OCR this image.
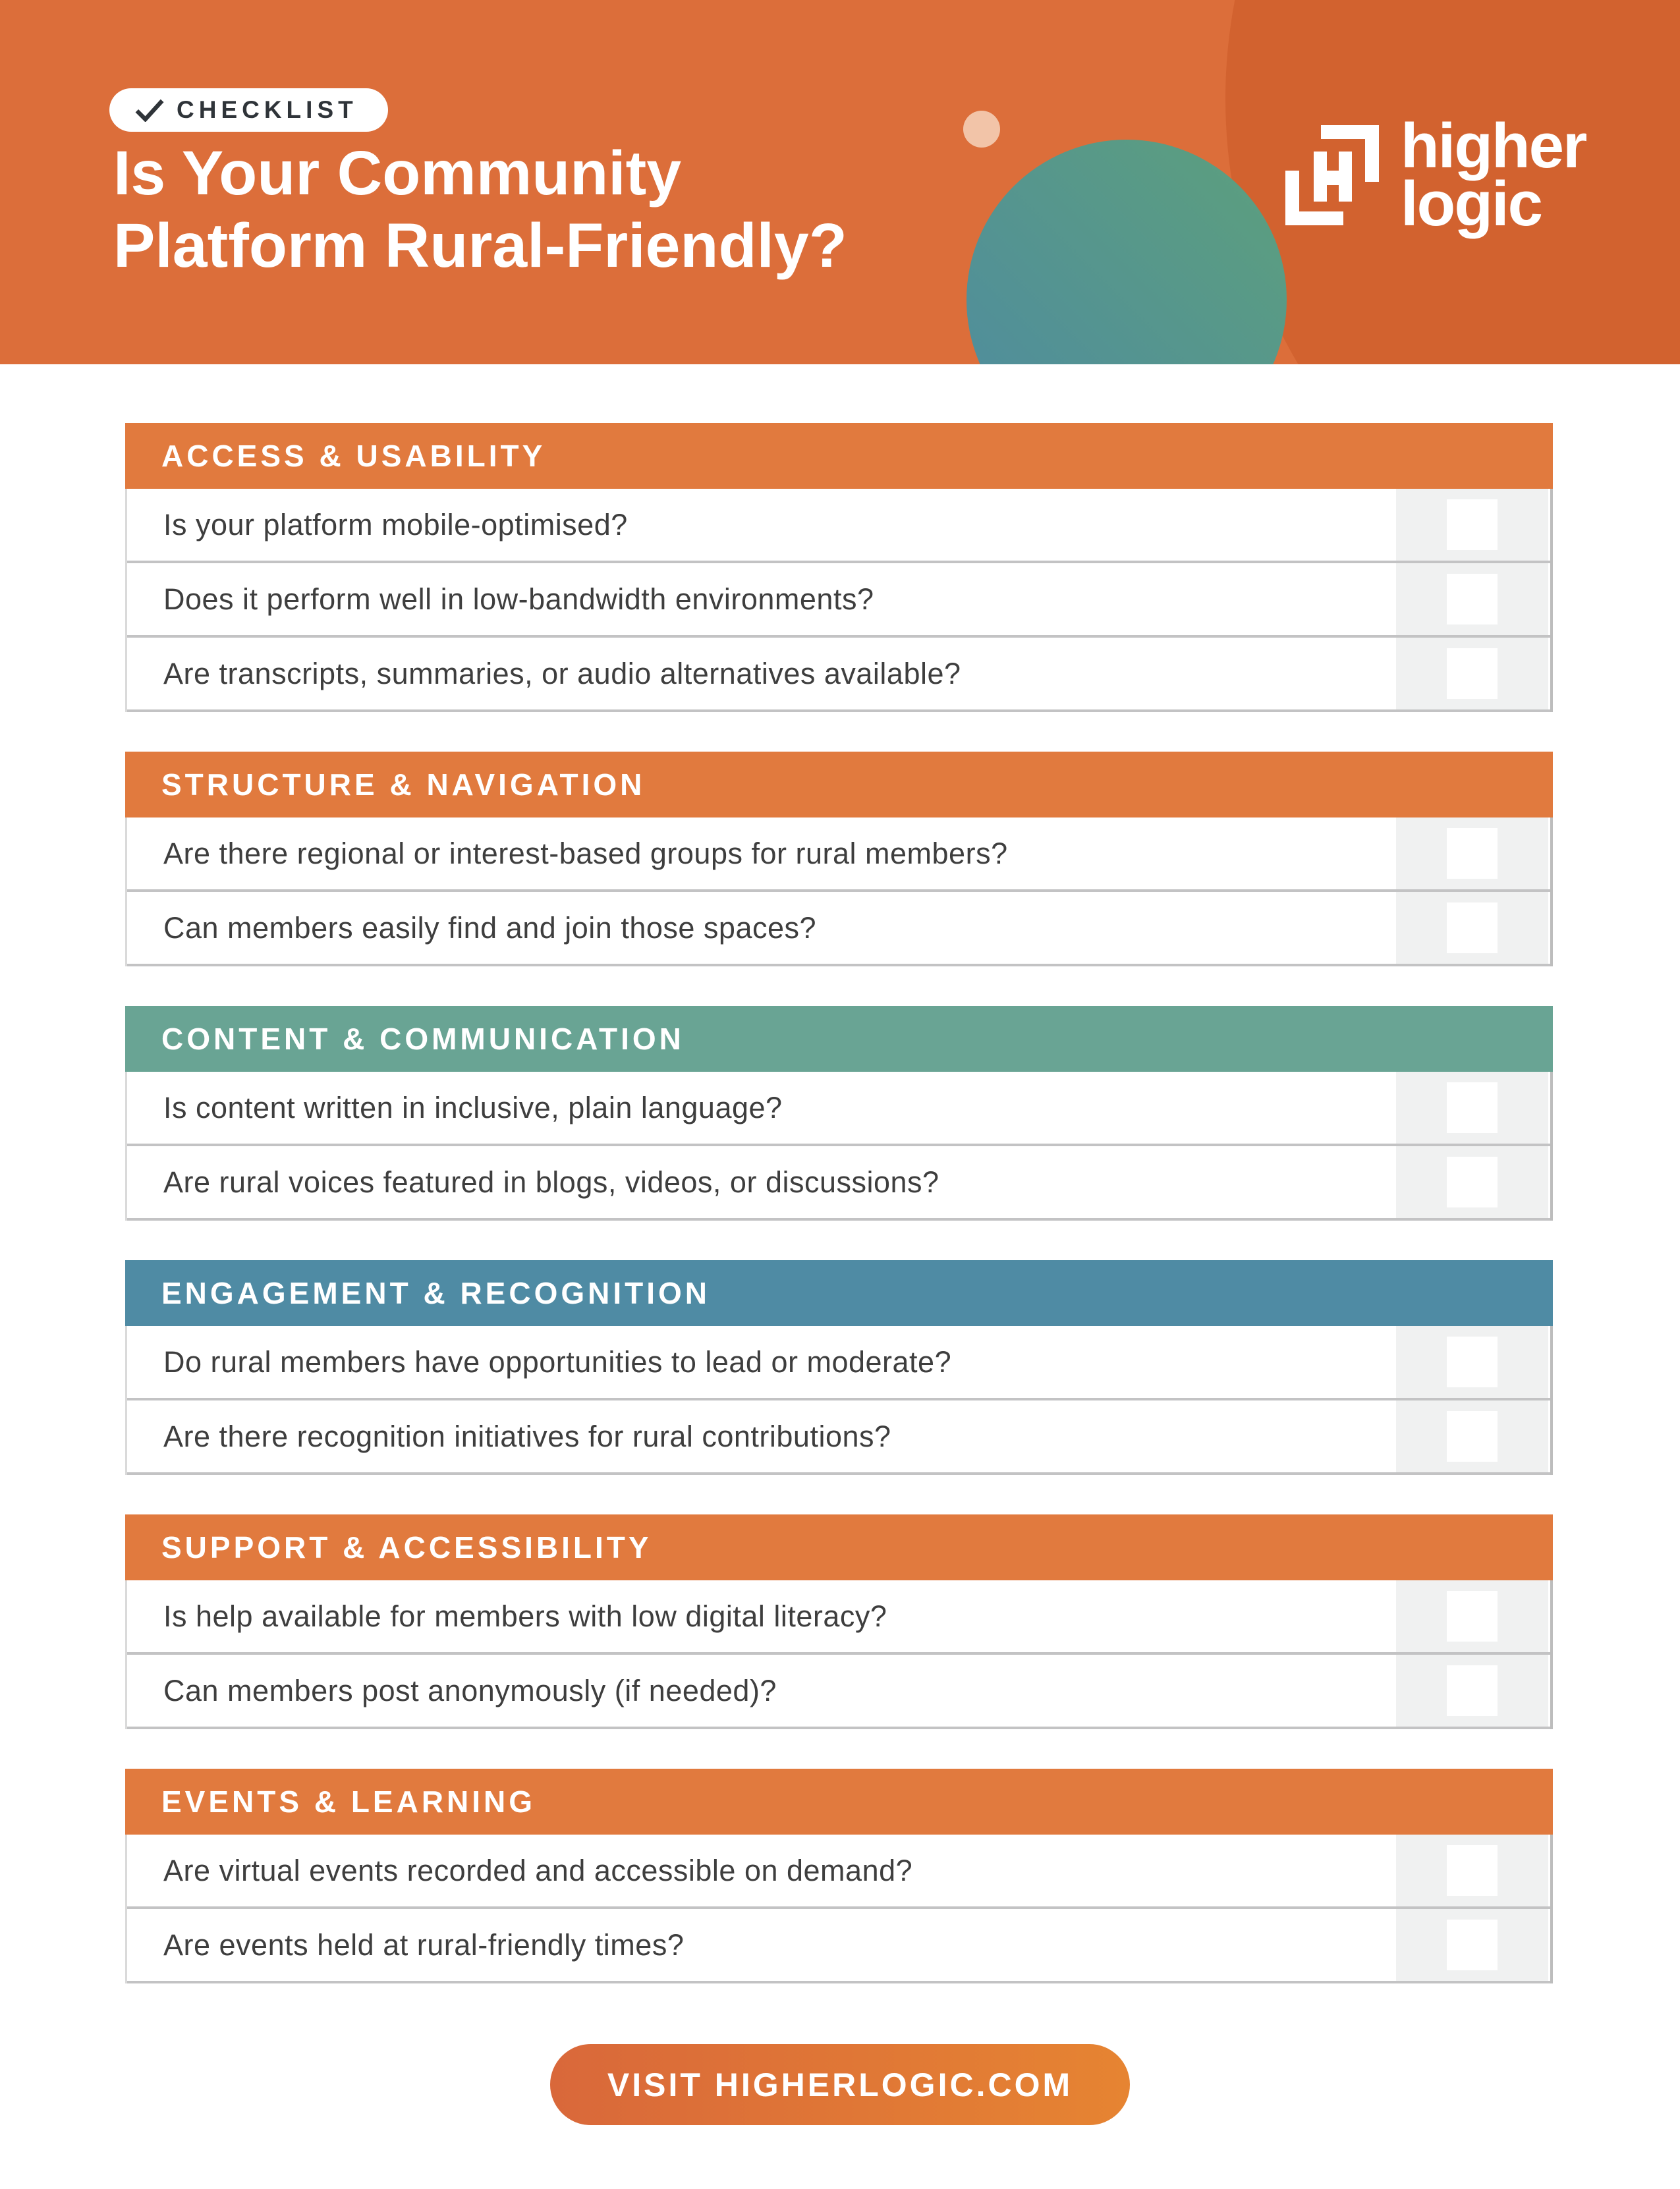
CHECKLIST
Is Your Community
Platform Rural-Friendly?
higher
logic
ACCESS & USABILITY
Is your platform mobile-optimised?
Does it perform well in low-bandwidth environments?
Are transcripts, summaries, or audio alternatives available?
STRUCTURE & NAVIGATION
Are there regional or interest-based groups for rural members?
Can members easily find and join those spaces?
CONTENT & COMMUNICATION
Is content written in inclusive, plain language?
Are rural voices featured in blogs, videos, or discussions?
ENGAGEMENT & RECOGNITION
Do rural members have opportunities to lead or moderate?
Are there recognition initiatives for rural contributions?
SUPPORT & ACCESSIBILITY
Is help available for members with low digital literacy?
Can members post anonymously (if needed)?
EVENTS & LEARNING
Are virtual events recorded and accessible on demand?
Are events held at rural-friendly times?
VISIT HIGHERLOGIC.COM
